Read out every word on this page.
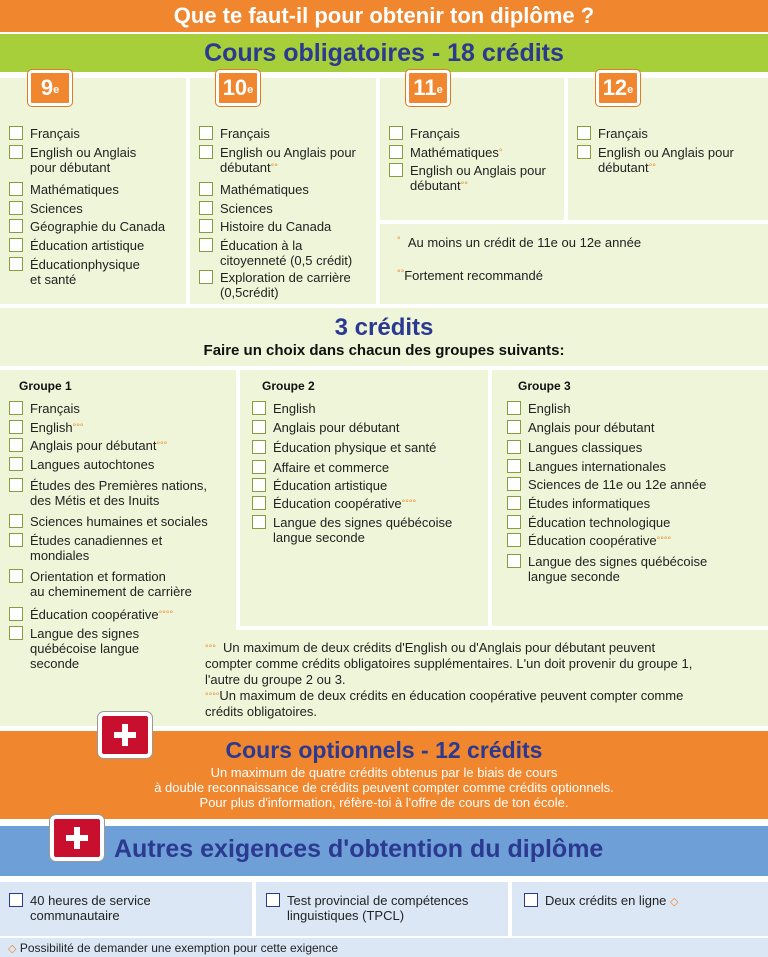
Que te faut-il pour obtenir ton diplôme ?
Cours obligatoires - 18 crédits
9e	10e	11e	12e
Français
English ou Anglais
pour débutant
Mathématiques
Sciences
Géographie du Canada
Éducation artistique
Éducationphysique
et santé
Français
English ou Anglais pour
débutant°°
Mathématiques
Sciences
Histoire du Canada
Éducation à la
citoyenneté (0,5 crédit)
Exploration de carrière
(0,5crédit)
Français
Mathématiques°
English ou Anglais pour
débutant°°
Français
English ou Anglais pour
débutant°°
° Au moins un crédit de 11e ou 12e année
°°Fortement recommandé
3 crédits
Faire un choix dans chacun des groupes suivants:
Groupe 1	Groupe 2	Groupe 3
Français
English°°°
Anglais pour débutant°°°
Langues autochtones
Études des Premières nations,
des Métis et des Inuits
Sciences humaines et sociales
Études canadiennes et
mondiales
Orientation et formation
au cheminement de carrière
Éducation coopérative°°°°
Langue des signes
québécoise langue
seconde
English
Anglais pour débutant
Éducation physique et santé
Affaire et commerce
Éducation artistique
Éducation coopérative°°°°
Langue des signes québécoise
langue seconde
English
Anglais pour débutant
Langues classiques
Langues internationales
Sciences de 11e ou 12e année
Études informatiques
Éducation technologique
Éducation coopérative°°°°
Langue des signes québécoise
langue seconde
°°° Un maximum de deux crédits d'English ou d'Anglais pour débutant peuvent
compter comme crédits obligatoires supplémentaires. L'un doit provenir du groupe 1,
l'autre du groupe 2 ou 3.
°°°°Un maximum de deux crédits en éducation coopérative peuvent compter comme
crédits obligatoires.
Cours optionnels - 12 crédits
Un maximum de quatre crédits obtenus par le biais de cours
à double reconnaissance de crédits peuvent compter comme crédits optionnels.
Pour plus d'information, réfère-toi à l'offre de cours de ton école.
Autres exigences d'obtention du diplôme
40 heures de service
communautaire
Test provincial de compétences
linguistiques (TPCL)
Deux crédits en ligne ◇
◇ Possibilité de demander une exemption pour cette exigence
